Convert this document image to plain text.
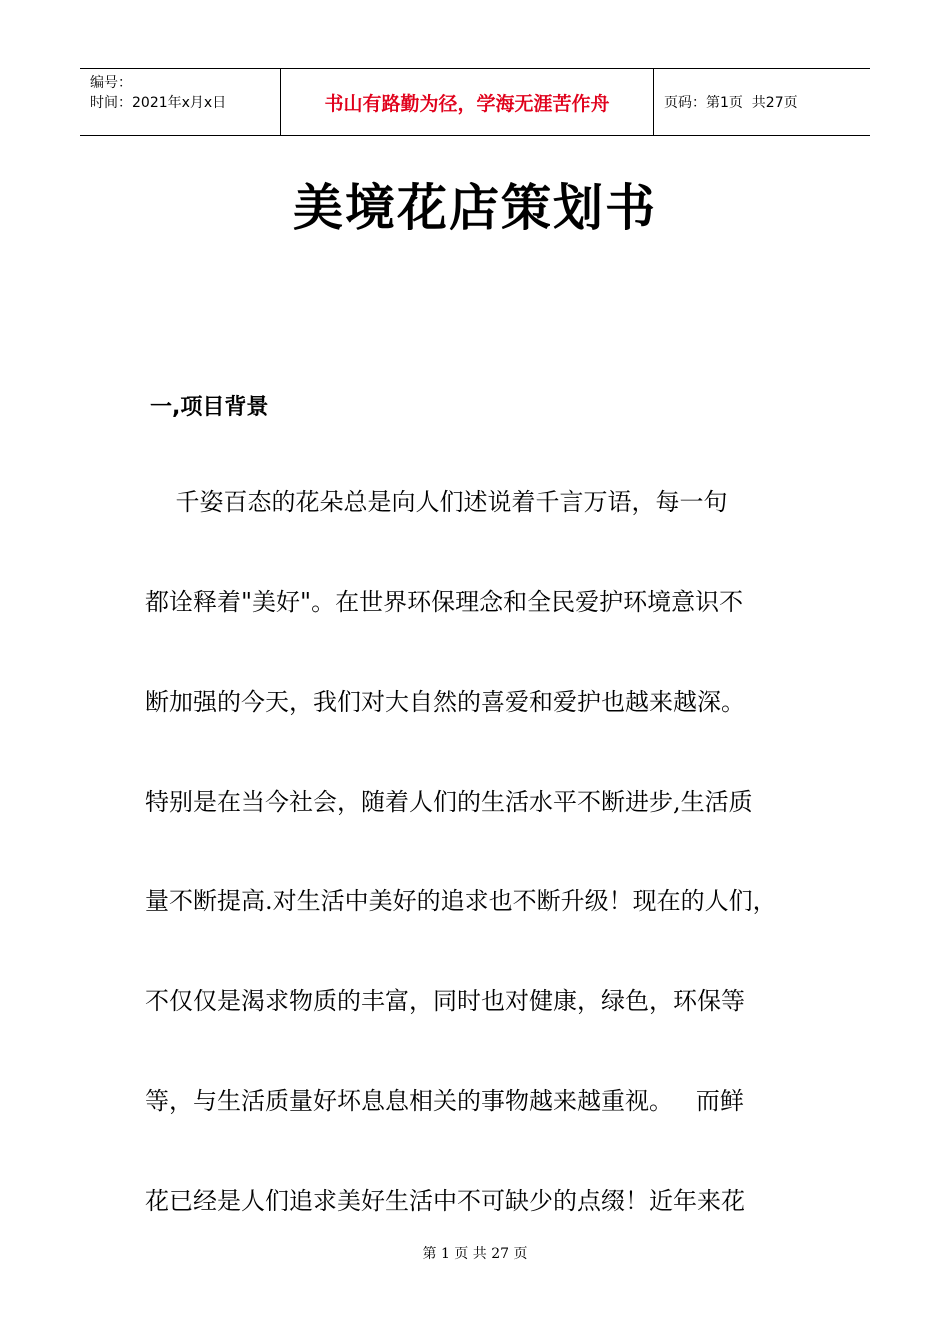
编号：
时间：2021年x月x日	书山有路勤为径，学海无涯苦作舟	页码：第1页  共27页
美境花店策划书
一,项目背景
千姿百态的花朵总是向人们述说着千言万语，每一句
都诠释着"美好"。在世界环保理念和全民爱护环境意识不
断加强的今天，我们对大自然的喜爱和爱护也越来越深。
特别是在当今社会，随着人们的生活水平不断进步,生活质
量不断提高.对生活中美好的追求也不断升级！现在的人们，
不仅仅是渴求物质的丰富，同时也对健康，绿色，环保等
等，与生活质量好坏息息相关的事物越来越重视。   而鲜
花已经是人们追求美好生活中不可缺少的点缀！近年来花
第 1 页 共 27 页
